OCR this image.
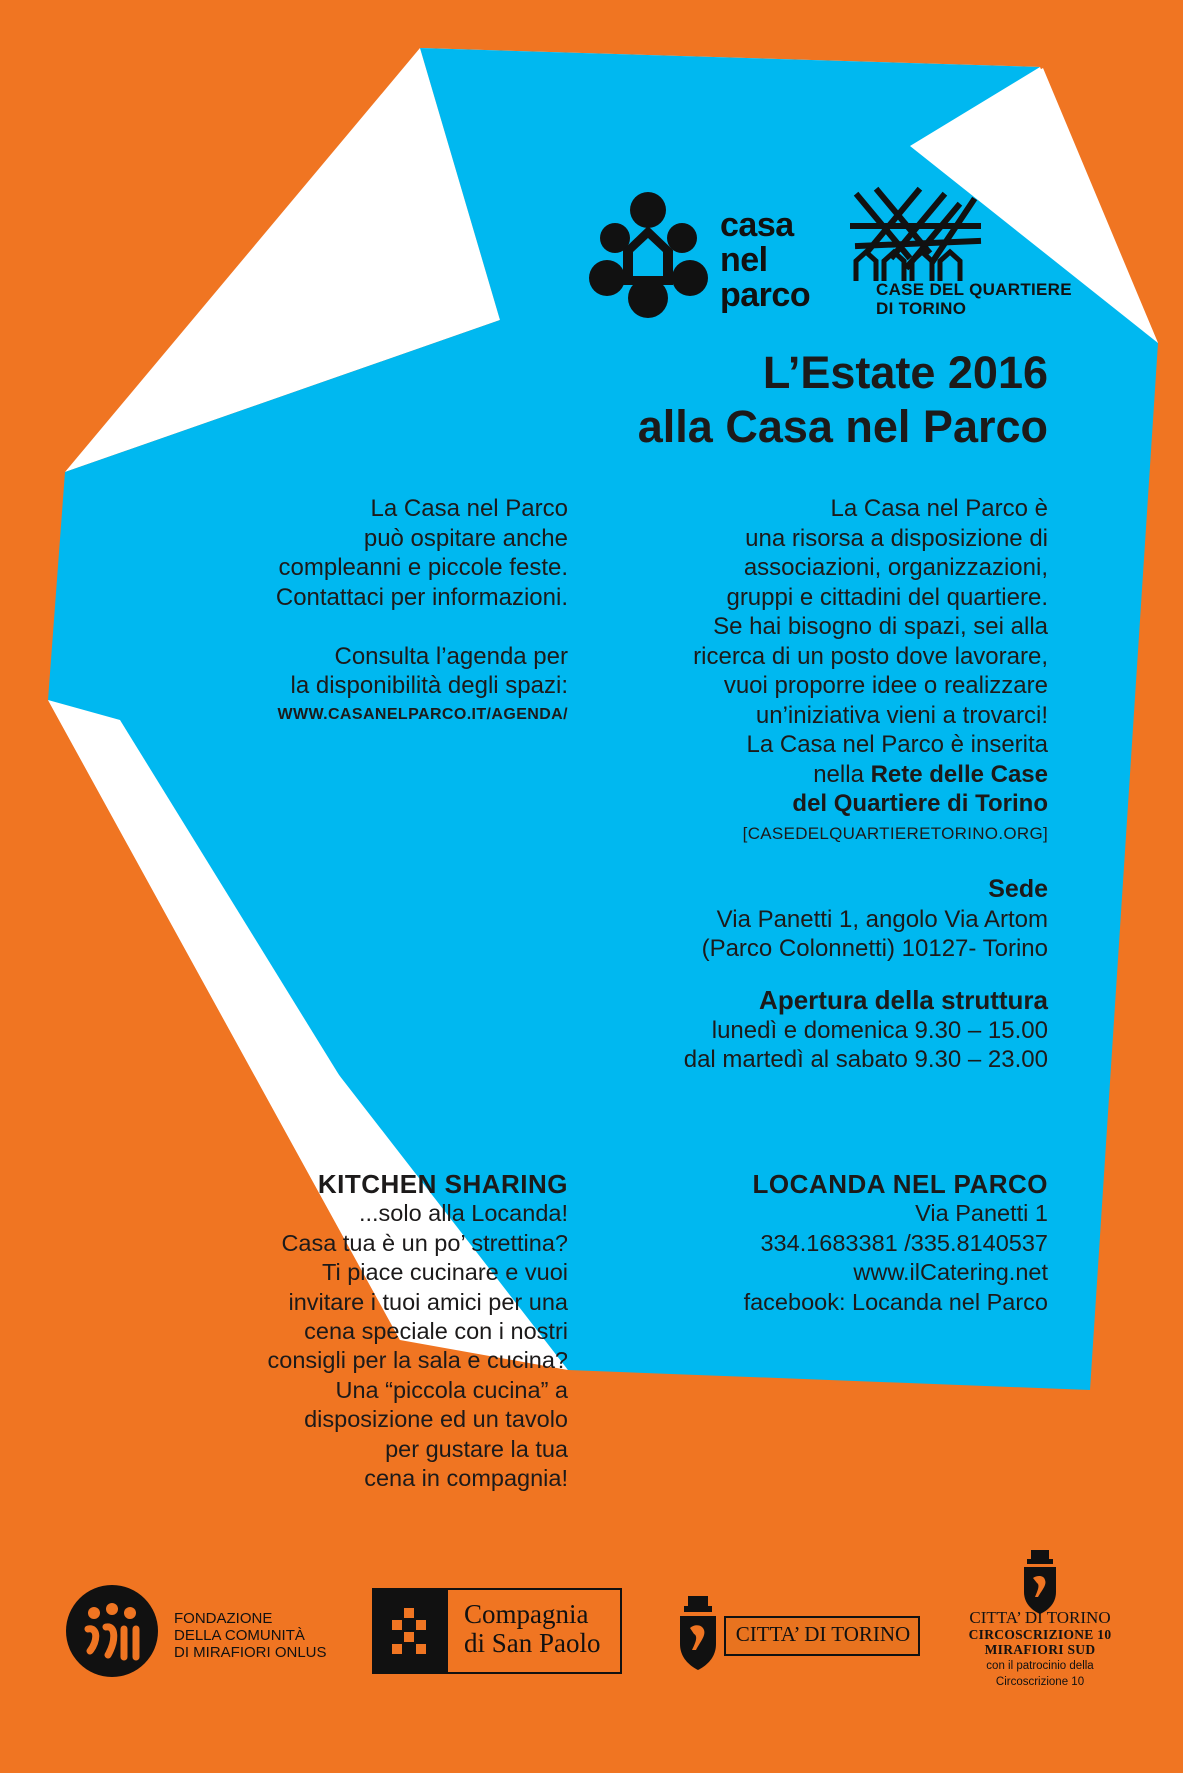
casa
nel
parco	CASE DEL QUARTIERE
DI TORINO
L’Estate 2016
alla Casa nel Parco
La Casa nel Parco
può ospitare anche
compleanni e piccole feste.
Contattaci per informazioni.
Consulta l’agenda per
la disponibilità degli spazi:
WWW.CASANELPARCO.IT/AGENDA/
La Casa nel Parco è
una risorsa a disposizione di
associazioni, organizzazioni,
gruppi e cittadini del quartiere.
Se hai bisogno di spazi, sei alla
ricerca di un posto dove lavorare,
vuoi proporre idee o realizzare
un’iniziativa vieni a trovarci!
La Casa nel Parco è inserita
nella Rete delle Case
del Quartiere di Torino
[CASEDELQUARTIERETORINO.ORG]
Sede
Via Panetti 1, angolo Via Artom
(Parco Colonnetti) 10127- Torino
Apertura della struttura
lunedì e domenica 9.30 – 15.00
dal martedì al sabato 9.30 – 23.00
KITCHEN SHARING
...solo alla Locanda!
Casa tua è un po’ strettina?
Ti piace cucinare e vuoi
invitare i tuoi amici per una
cena speciale con i nostri
consigli per la sala e cucina?
Una “piccola cucina” a
disposizione ed un tavolo
per gustare la tua
cena in compagnia!
LOCANDA NEL PARCO
Via Panetti 1
334.1683381 /335.8140537
www.ilCatering.net
facebook: Locanda nel Parco
FONDAZIONE
DELLA COMUNITÀ
DI MIRAFIORI ONLUS
Compagnia
di San Paolo	CITTA’ DI TORINO
CITTA’ DI TORINO
CIRCOSCRIZIONE 10
MIRAFIORI SUD
con il patrocinio della
Circoscrizione 10
